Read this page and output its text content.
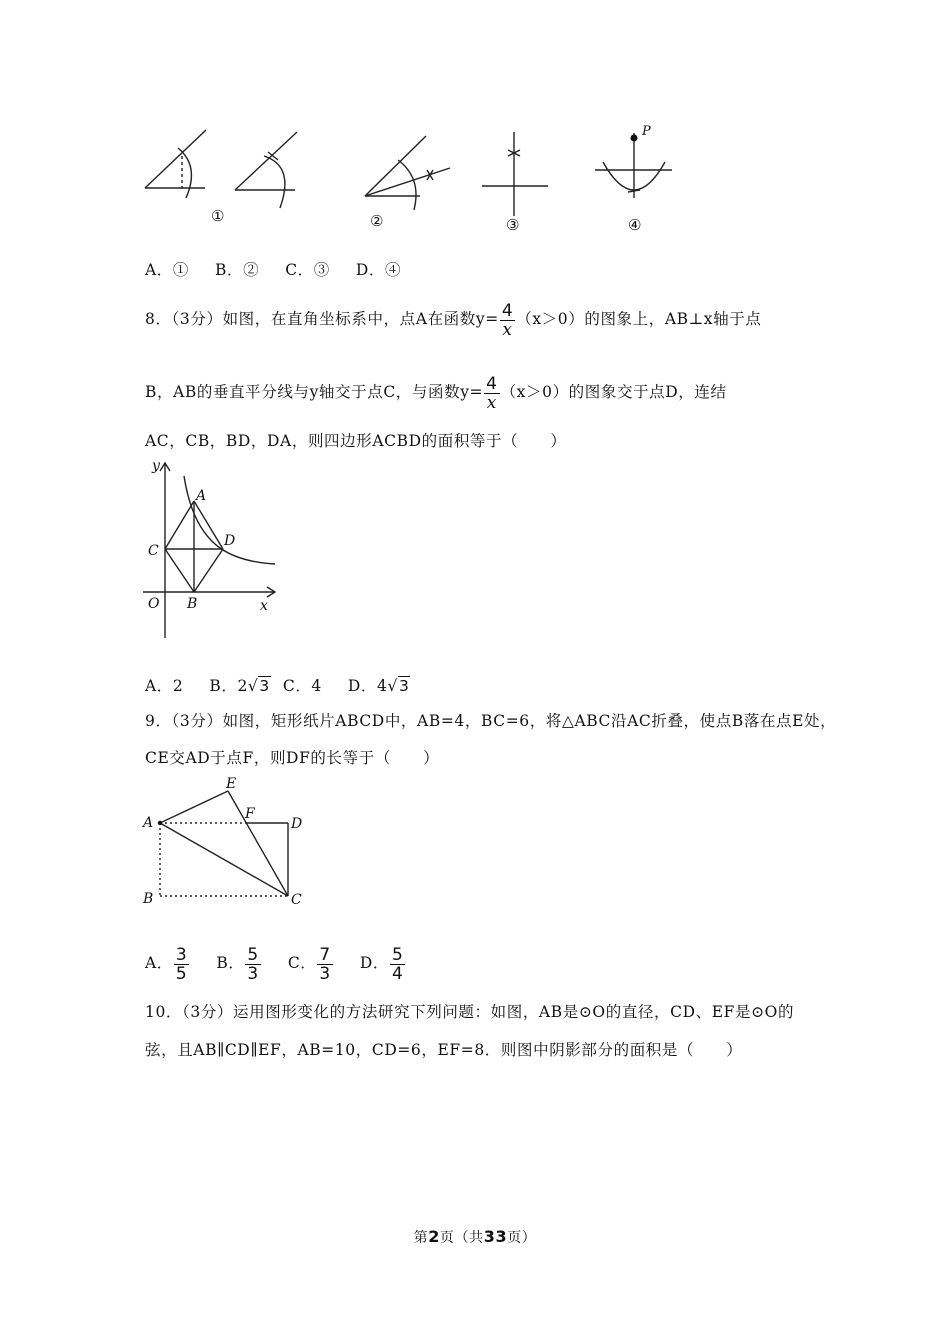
P
①	②	③	④
A．① B．② C．③ D．④
8．（3分）如图，在直角坐标系中，点A在函数$y= \frac{4}{x} (x>0)$的图象上，AB⊥x轴于点
B，AB的垂直平分线与y轴交于点C，与函数$y= \frac{4}{x} (x>0)$的图象交于点D，连结
AC，CB，BD，DA，则四边形ACBD的面积等于（　　）
y
x
O
A
B
C
D
A．2 B．2√3 C．4 D．4√3
9．（3分）如图，矩形纸片ABCD中，AB=4，BC=6，将△ABC沿AC折叠，使点B落在点E处，
CE交AD于点F，则DF的长等于（　　）
A
B	C
D
E
F
A． $\frac{3}{5}$ B． $\frac{5}{3}$ C． $\frac{7}{3}$ D． $\frac{5}{4}$
10．（3分）运用图形变化的方法研究下列问题：如图，AB是⊙O的直径，CD、EF是⊙O的
弦，且AB∥CD∥EF，AB=10，CD=6，EF=8．则图中阴影部分的面积是（　　）
第2页（共33页）
